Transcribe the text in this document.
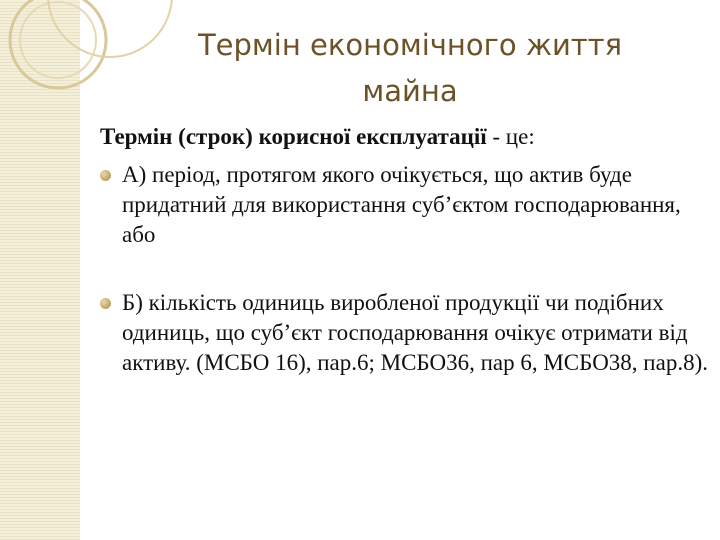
Термін економічного життя
майна
Термін (строк) корисної експлуатації - це:
А) період, протягом якого очікується, що актив буде придатний для використання суб’єктом господарювання, або
Б) кількість одиниць виробленої продукції чи подібних одиниць, що суб’єкт господарювання очікує отримати від активу. (МСБО 16), пар.6; МСБО36, пар 6, МСБО38, пар.8).
